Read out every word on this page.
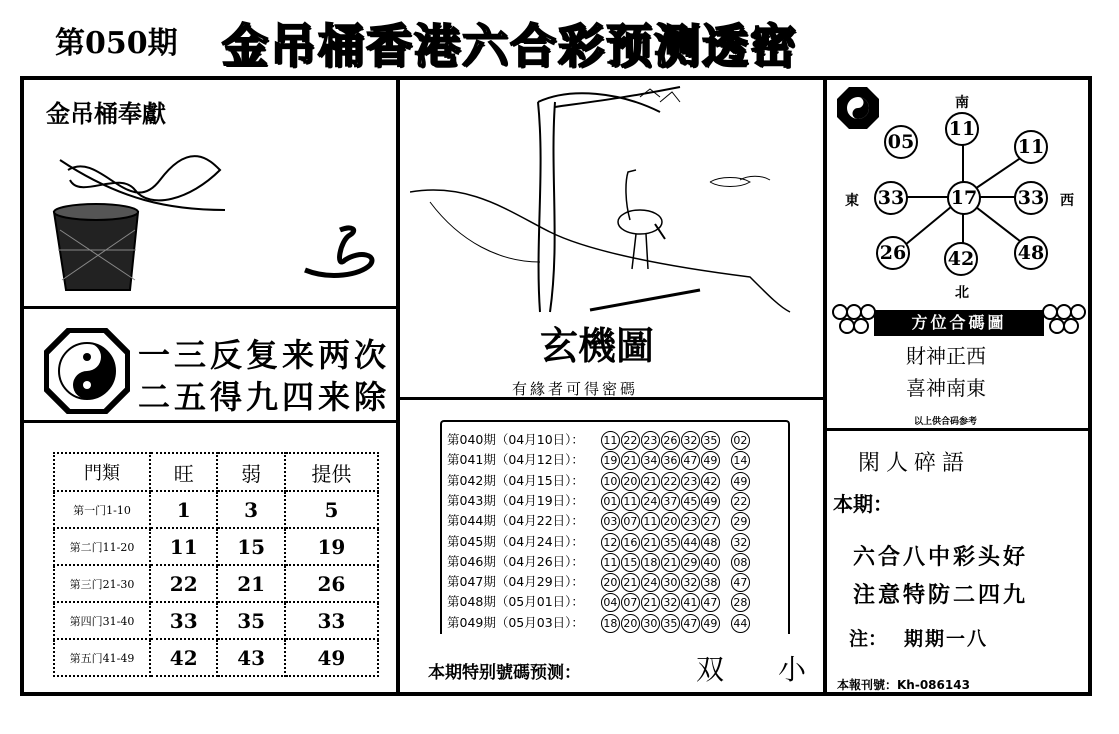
第050期 金吊桶香港六合彩预测透密
金吊桶奉獻
一三反复来两次
二五得九四来除
門類	旺	弱	提供
第一门1-10	1	3	5
第二门11-20	11	15	19
第三门21-30	22	21	26
第四门31-40	33	35	33
第五门41-49	42	43	49
玄機圖
有緣者可得密碼
第040期（04月10日）： 11 22 23 26 32 35 02
第041期（04月12日）： 19 21 34 36 47 49 14
第042期（04月15日）： 10 20 21 22 23 42 49
第043期（04月19日）： 01 11 24 37 45 49 22
第044期（04月22日）： 03 07 11 20 23 27 29
第045期（04月24日）： 12 16 21 35 44 48 32
第046期（04月26日）： 11 15 18 21 29 40 08
第047期（04月29日）： 20 21 24 30 32 38 47
第048期（05月01日）： 04 07 21 32 41 47 28
第049期（05月03日）： 18 20 30 35 47 49 44
本期特别號碼预测：	双 小
南
北
東	西
11
05	11
33 17 33
26 42 48
方位合碼圖
財神正西
喜神南東
以上供合码参考
閑人碎語
本期：
六合八中彩头好
注意特防二四九
注： 期期一八
本報刊號：Kh-086143
